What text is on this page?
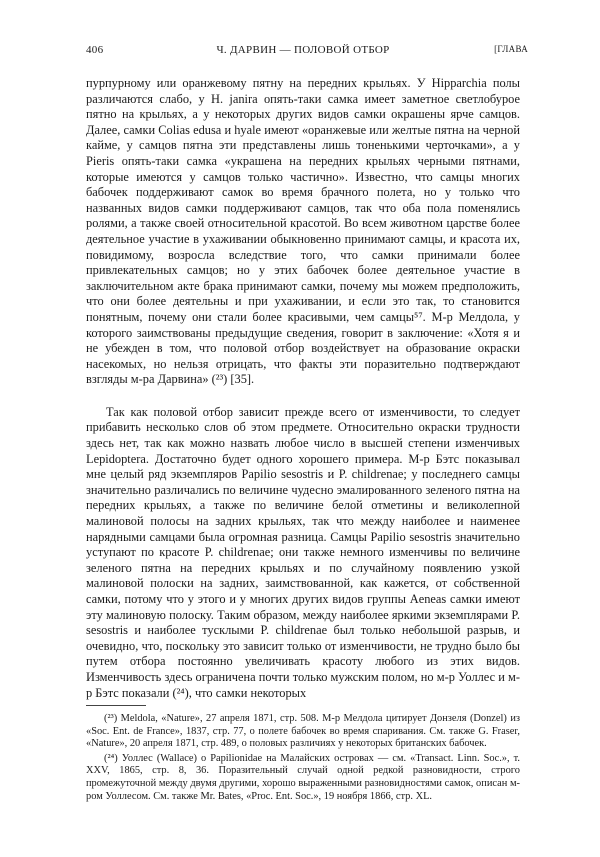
406	Ч. ДАРВИН — ПОЛОВОЙ ОТБОР	[ГЛАВА

пурпурному или оранжевому пятну на передних крыльях. У Hipparchia полы различаются слабо, у H. janira опять-таки самка имеет заметное светлобурое пятно на крыльях, а у некоторых других видов самки окрашены ярче самцов. Далее, самки Colias edusa и hyale имеют «оранжевые или желтые пятна на черной кайме, у самцов пятна эти представлены лишь тоненькими черточками», а у Pieris опять-таки самка «украшена на передних крыльях черными пятнами, которые имеются у самцов только частично». Известно, что самцы многих бабочек поддерживают самок во время брачного полета, но у только что названных видов самки поддерживают самцов, так что оба пола поменялись ролями, а также своей относительной красотой. Во всем животном царстве более деятельное участие в ухаживании обыкновенно принимают самцы, и красота их, повидимому, возросла вследствие того, что самки принимали более привлекательных самцов; но у этих бабочек более деятельное участие в заключительном акте брака принимают самки, почему мы можем предположить, что они более деятельны и при ухаживании, и если это так, то становится понятным, почему они стали более красивыми, чем самцы⁵⁷. М-р Мелдола, у которого заимствованы предыдущие сведения, говорит в заключение: «Хотя я и не убежден в том, что половой отбор воздействует на образование окраски насекомых, но нельзя отрицать, что факты эти поразительно подтверждают взгляды м-ра Дарвина» (²³) [35].

Так как половой отбор зависит прежде всего от изменчивости, то следует прибавить несколько слов об этом предмете. Относительно окраски трудности здесь нет, так как можно назвать любое число в высшей степени изменчивых Lepidoptera. Достаточно будет одного хорошего примера. М-р Бэтс показывал мне целый ряд экземпляров Papilio sesostris и P. childrenae; у последнего самцы значительно различались по величине чудесно эмалированного зеленого пятна на передних крыльях, а также по величине белой отметины и великолепной малиновой полосы на задних крыльях, так что между наиболее и наименее нарядными самцами была огромная разница. Самцы Papilio sesostris значительно уступают по красоте P. childrenae; они также немного изменчивы по величине зеленого пятна на передних крыльях и по случайному появлению узкой малиновой полоски на задних, заимствованной, как кажется, от собственной самки, потому что у этого и у многих других видов группы Aeneas самки имеют эту малиновую полоску. Таким образом, между наиболее яркими экземплярами P. sesostris и наиболее тусклыми P. childrenae был только небольшой разрыв, и очевидно, что, поскольку это зависит только от изменчивости, не трудно было бы путем отбора постоянно увеличивать красоту любого из этих видов. Изменчивость здесь ограничена почти только мужским полом, но м-р Уоллес и м-р Бэтс показали (²⁴), что самки некоторых

(²³) Meldola, «Nature», 27 апреля 1871, стр. 508. М-р Мелдола цитирует Донзеля (Donzel) из «Soc. Ent. de France», 1837, стр. 77, о полете бабочек во время спаривания. См. также G. Fraser, «Nature», 20 апреля 1871, стр. 489, о половых различиях у некоторых британских бабочек.

(²⁴) Уоллес (Wallace) о Papilionidae на Малайских островах — см. «Transact. Linn. Soc.», т. XXV, 1865, стр. 8, 36. Поразительный случай одной редкой разновидности, строго промежуточной между двумя другими, хорошо выраженными разновидностями самок, описан м-ром Уоллесом. См. также Mr. Bates, «Proc. Ent. Soc.», 19 ноября 1866, стр. XL.
